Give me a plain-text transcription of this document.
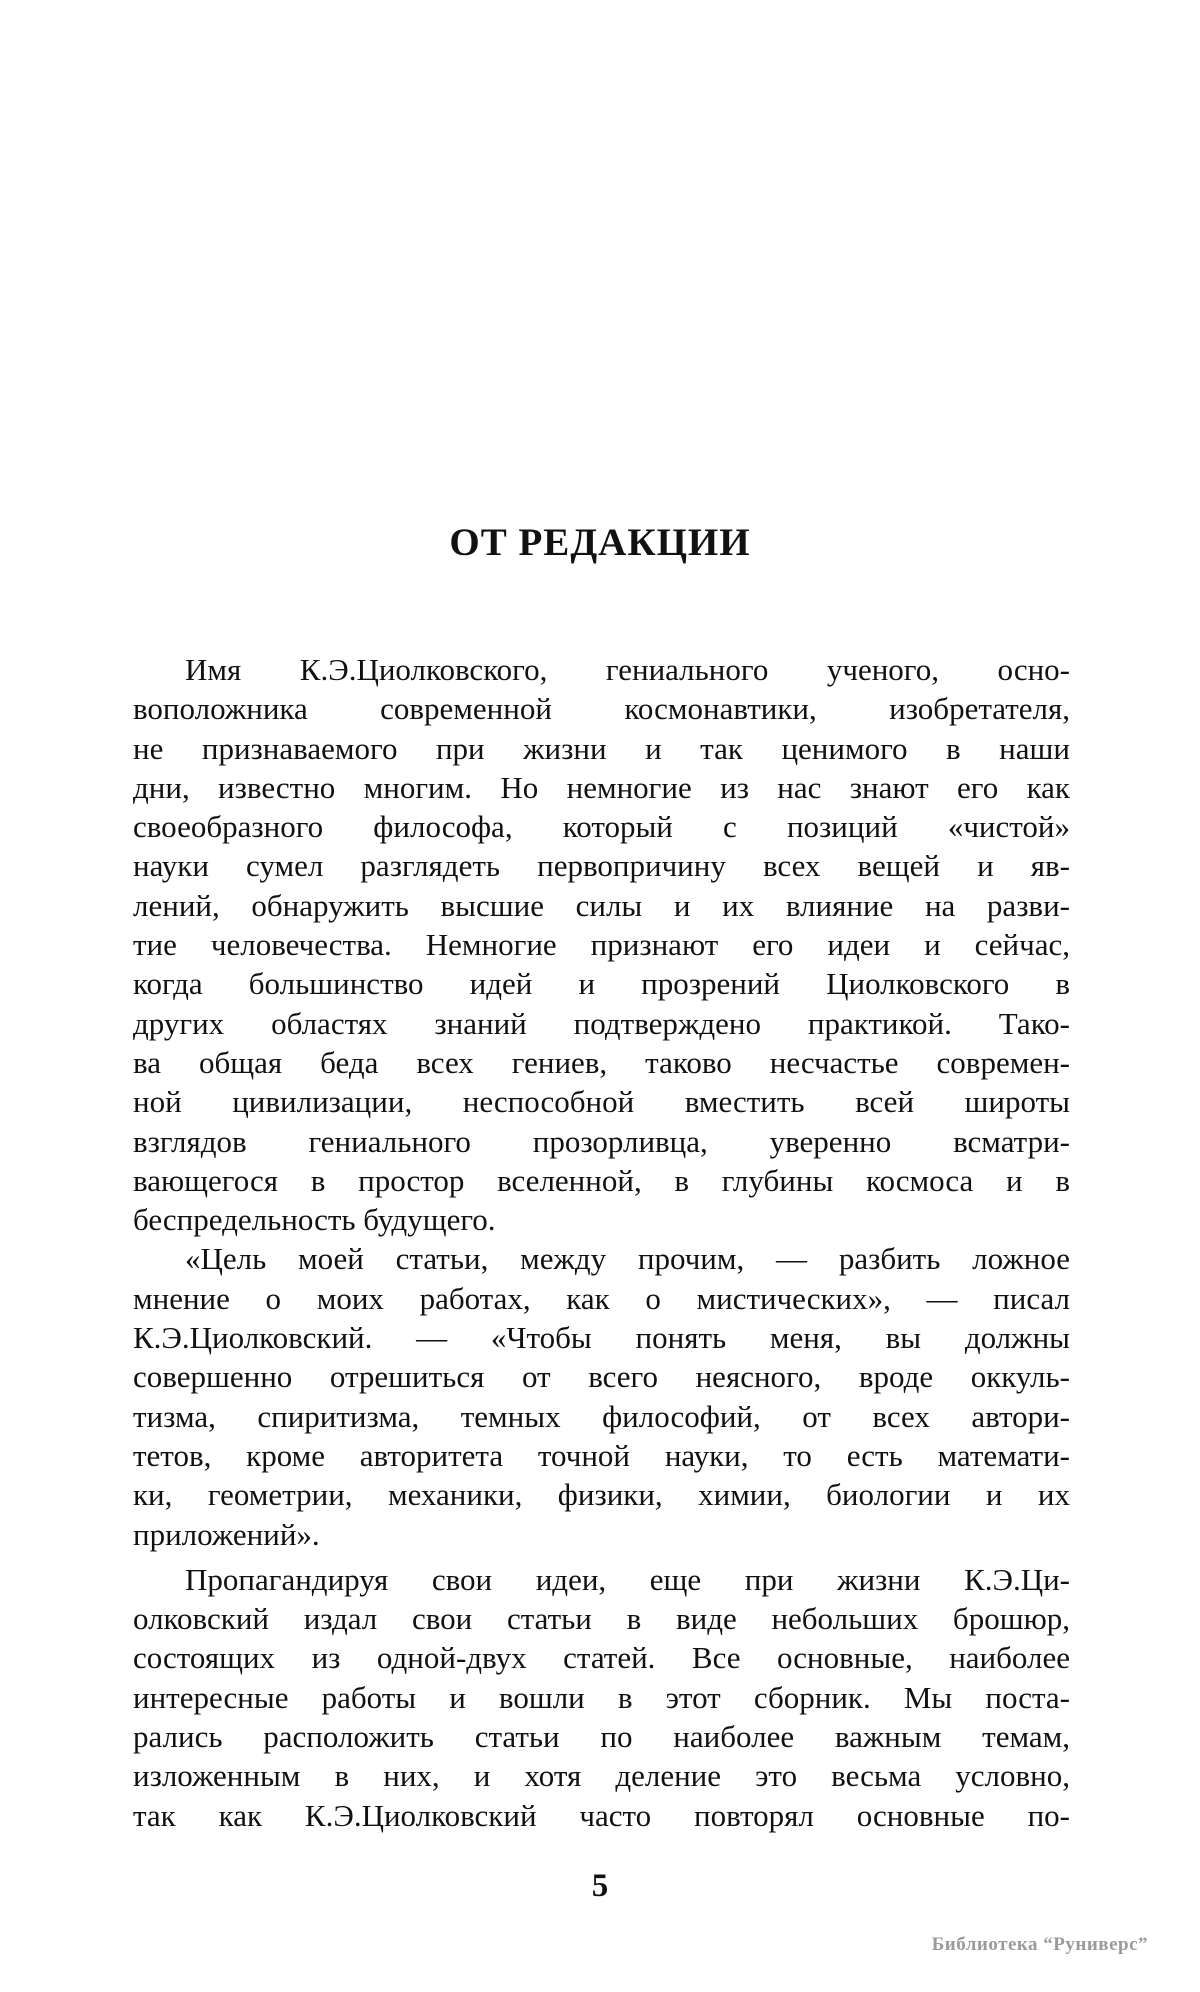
ОТ РЕДАКЦИИ
Имя К.Э.Циолковского, гениального ученого, осно-
воположника современной космонавтики, изобретателя,
не признаваемого при жизни и так ценимого в наши
дни, известно многим. Но немногие из нас знают его как
своеобразного философа, который с позиций «чистой»
науки сумел разглядеть первопричину всех вещей и яв-
лений, обнаружить высшие силы и их влияние на разви-
тие человечества. Немногие признают его идеи и сейчас,
когда большинство идей и прозрений Циолковского в
других областях знаний подтверждено практикой. Тако-
ва общая беда всех гениев, таково несчастье современ-
ной цивилизации, неспособной вместить всей широты
взглядов гениального прозорливца, уверенно всматри-
вающегося в простор вселенной, в глубины космоса и в
беспредельность будущего.
«Цель моей статьи, между прочим, — разбить ложное
мнение о моих работах, как о мистических», — писал
К.Э.Циолковский. — «Чтобы понять меня, вы должны
совершенно отрешиться от всего неясного, вроде оккуль-
тизма, спиритизма, темных философий, от всех автори-
тетов, кроме авторитета точной науки, то есть математи-
ки, геометрии, механики, физики, химии, биологии и их
приложений».
Пропагандируя свои идеи, еще при жизни К.Э.Ци-
олковский издал свои статьи в виде небольших брошюр,
состоящих из одной-двух статей. Все основные, наиболее
интересные работы и вошли в этот сборник. Мы поста-
рались расположить статьи по наиболее важным темам,
изложенным в них, и хотя деление это весьма условно,
так как К.Э.Циолковский часто повторял основные по-
5
Библиотека “Руниверс”
